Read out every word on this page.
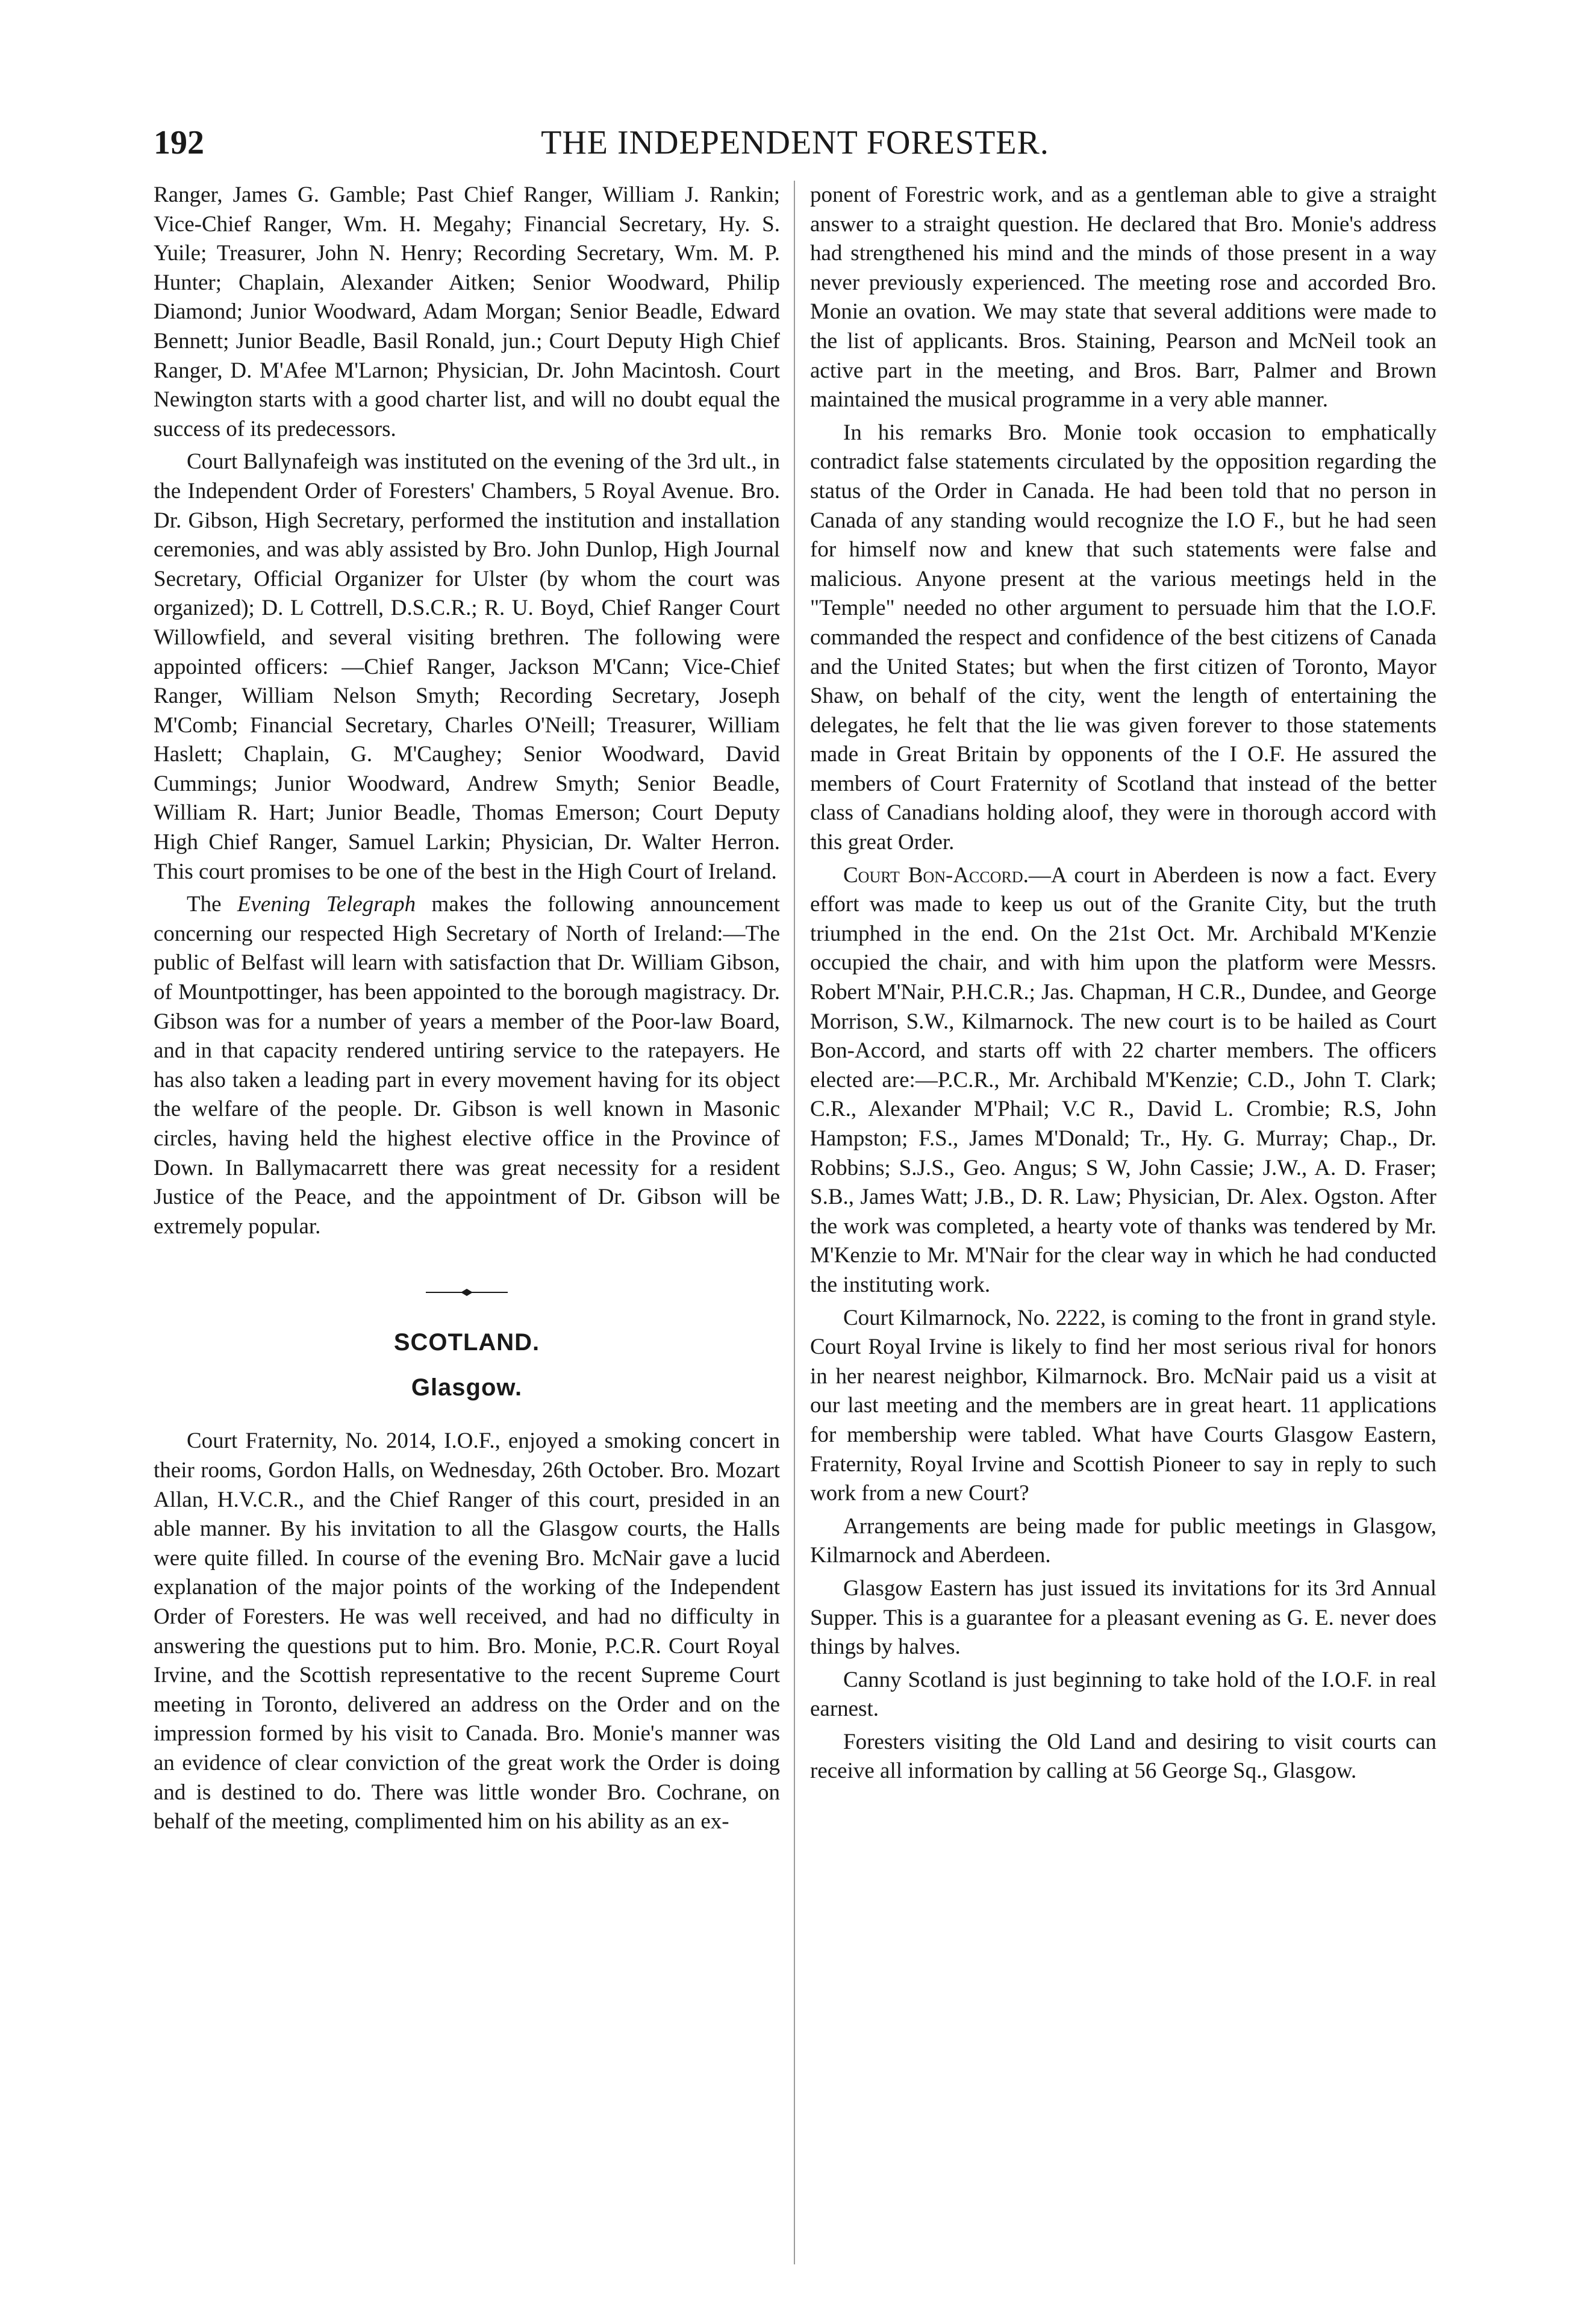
192	THE INDEPENDENT FORESTER.

Ranger, James G. Gamble; Past Chief Ranger, William J. Rankin; Vice-Chief Ranger, Wm. H. Megahy; Financial Secretary, Hy. S. Yuile; Treasurer, John N. Henry; Recording Secretary, Wm. M. P. Hunter; Chaplain, Alexander Aitken; Senior Woodward, Philip Diamond; Junior Woodward, Adam Morgan; Senior Beadle, Edward Bennett; Junior Beadle, Basil Ronald, jun.; Court Deputy High Chief Ranger, D. M'Afee M'Larnon; Physician, Dr. John Macintosh. Court Newington starts with a good charter list, and will no doubt equal the success of its predecessors.

Court Ballynafeigh was instituted on the evening of the 3rd ult., in the Independent Order of Foresters' Chambers, 5 Royal Avenue. Bro. Dr. Gibson, High Secretary, performed the institution and installation ceremonies, and was ably assisted by Bro. John Dunlop, High Journal Secretary, Official Organizer for Ulster (by whom the court was organized); D. L Cottrell, D.S.C.R.; R. U. Boyd, Chief Ranger Court Willowfield, and several visiting brethren. The following were appointed officers: —Chief Ranger, Jackson M'Cann; Vice-Chief Ranger, William Nelson Smyth; Recording Secretary, Joseph M'Comb; Financial Secretary, Charles O'Neill; Treasurer, William Haslett; Chaplain, G. M'Caughey; Senior Woodward, David Cummings; Junior Woodward, Andrew Smyth; Senior Beadle, William R. Hart; Junior Beadle, Thomas Emerson; Court Deputy High Chief Ranger, Samuel Larkin; Physician, Dr. Walter Herron. This court promises to be one of the best in the High Court of Ireland.

The Evening Telegraph makes the following announcement concerning our respected High Secretary of North of Ireland:—The public of Belfast will learn with satisfaction that Dr. William Gibson, of Mountpottinger, has been appointed to the borough magistracy. Dr. Gibson was for a number of years a member of the Poor-law Board, and in that capacity rendered untiring service to the ratepayers. He has also taken a leading part in every movement having for its object the welfare of the people. Dr. Gibson is well known in Masonic circles, having held the highest elective office in the Province of Down. In Ballymacarrett there was great necessity for a resident Justice of the Peace, and the appointment of Dr. Gibson will be extremely popular.

SCOTLAND.
Glasgow.

Court Fraternity, No. 2014, I.O.F., enjoyed a smoking concert in their rooms, Gordon Halls, on Wednesday, 26th October. Bro. Mozart Allan, H.V.C.R., and the Chief Ranger of this court, presided in an able manner. By his invitation to all the Glasgow courts, the Halls were quite filled. In course of the evening Bro. McNair gave a lucid explanation of the major points of the working of the Independent Order of Foresters. He was well received, and had no difficulty in answering the questions put to him. Bro. Monie, P.C.R. Court Royal Irvine, and the Scottish representative to the recent Supreme Court meeting in Toronto, delivered an address on the Order and on the impression formed by his visit to Canada. Bro. Monie's manner was an evidence of clear conviction of the great work the Order is doing and is destined to do. There was little wonder Bro. Cochrane, on behalf of the meeting, complimented him on his ability as an ex-

ponent of Forestric work, and as a gentleman able to give a straight answer to a straight question. He declared that Bro. Monie's address had strengthened his mind and the minds of those present in a way never previously experienced. The meeting rose and accorded Bro. Monie an ovation. We may state that several additions were made to the list of applicants. Bros. Staining, Pearson and McNeil took an active part in the meeting, and Bros. Barr, Palmer and Brown maintained the musical programme in a very able manner.

In his remarks Bro. Monie took occasion to emphatically contradict false statements circulated by the opposition regarding the status of the Order in Canada. He had been told that no person in Canada of any standing would recognize the I.O F., but he had seen for himself now and knew that such statements were false and malicious. Anyone present at the various meetings held in the "Temple" needed no other argument to persuade him that the I.O.F. commanded the respect and confidence of the best citizens of Canada and the United States; but when the first citizen of Toronto, Mayor Shaw, on behalf of the city, went the length of entertaining the delegates, he felt that the lie was given forever to those statements made in Great Britain by opponents of the I O.F. He assured the members of Court Fraternity of Scotland that instead of the better class of Canadians holding aloof, they were in thorough accord with this great Order.

Court Bon-Accord.—A court in Aberdeen is now a fact. Every effort was made to keep us out of the Granite City, but the truth triumphed in the end. On the 21st Oct. Mr. Archibald M'Kenzie occupied the chair, and with him upon the platform were Messrs. Robert M'Nair, P.H.C.R.; Jas. Chapman, H C.R., Dundee, and George Morrison, S.W., Kilmarnock. The new court is to be hailed as Court Bon-Accord, and starts off with 22 charter members. The officers elected are:—P.C.R., Mr. Archibald M'Kenzie; C.D., John T. Clark; C.R., Alexander M'Phail; V.C R., David L. Crombie; R.S, John Hampston; F.S., James M'Donald; Tr., Hy. G. Murray; Chap., Dr. Robbins; S.J.S., Geo. Angus; S W, John Cassie; J.W., A. D. Fraser; S.B., James Watt; J.B., D. R. Law; Physician, Dr. Alex. Ogston. After the work was completed, a hearty vote of thanks was tendered by Mr. M'Kenzie to Mr. M'Nair for the clear way in which he had conducted the instituting work.

Court Kilmarnock, No. 2222, is coming to the front in grand style. Court Royal Irvine is likely to find her most serious rival for honors in her nearest neighbor, Kilmarnock. Bro. McNair paid us a visit at our last meeting and the members are in great heart. 11 applications for membership were tabled. What have Courts Glasgow Eastern, Fraternity, Royal Irvine and Scottish Pioneer to say in reply to such work from a new Court?

Arrangements are being made for public meetings in Glasgow, Kilmarnock and Aberdeen.

Glasgow Eastern has just issued its invitations for its 3rd Annual Supper. This is a guarantee for a pleasant evening as G. E. never does things by halves.

Canny Scotland is just beginning to take hold of the I.O.F. in real earnest.

Foresters visiting the Old Land and desiring to visit courts can receive all information by calling at 56 George Sq., Glasgow.
